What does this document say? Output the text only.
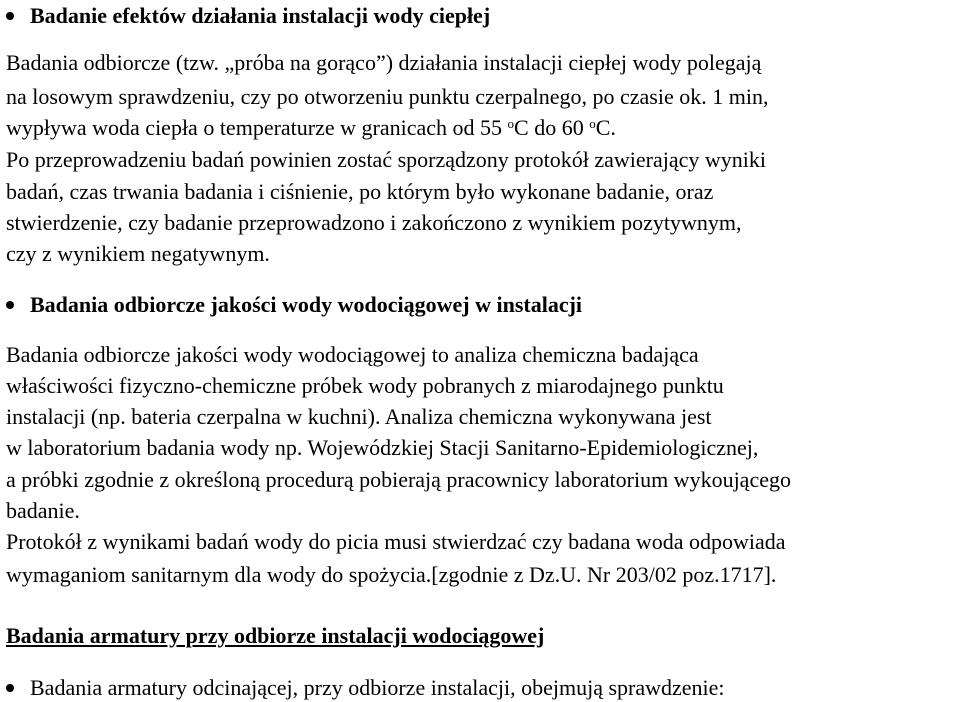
Badanie efektów działania instalacji wody ciepłej
Badania odbiorcze (tzw. „próba na gorąco”) działania instalacji ciepłej wody polegają
na losowym sprawdzeniu, czy po otworzeniu punktu czerpalnego, po czasie ok. 1 min,
wypływa woda ciepła o temperaturze w granicach od 55 $^o$C do 60 $^o$C.
Po przeprowadzeniu badań powinien zostać sporządzony protokół zawierający wyniki
badań, czas trwania badania i ciśnienie, po którym było wykonane badanie, oraz
stwierdzenie, czy badanie przeprowadzono i zakończono z wynikiem pozytywnym,
czy z wynikiem negatywnym.
Badania odbiorcze jakości wody wodociągowej w instalacji
Badania odbiorcze jakości wody wodociągowej to analiza chemiczna badająca
właściwości fizyczno-chemiczne próbek wody pobranych z miarodajnego punktu
instalacji (np. bateria czerpalna w kuchni). Analiza chemiczna wykonywana jest
w laboratorium badania wody np. Wojewódzkiej Stacji Sanitarno-Epidemiologicznej,
a próbki zgodnie z określoną procedurą pobierają pracownicy laboratorium wykoującego
badanie.
Protokół z wynikami badań wody do picia musi stwierdzać czy badana woda odpowiada
wymaganiom sanitarnym dla wody do spożycia.[zgodnie z Dz.U. Nr 203/02 poz.1717].
Badania armatury przy odbiorze instalacji wodociągowej
Badania armatury odcinającej, przy odbiorze instalacji, obejmują sprawdzenie:
